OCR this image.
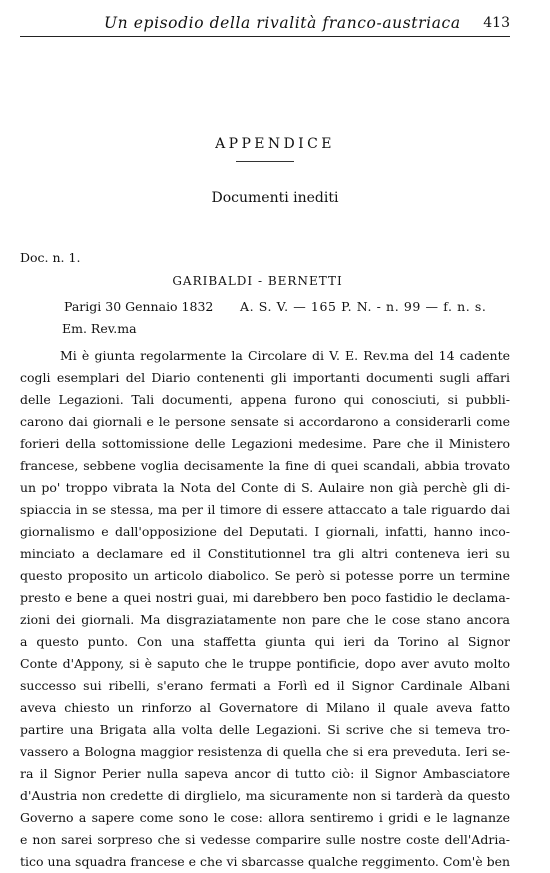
Un episodio della rivalità franco-austriaca 413
APPENDICE
Documenti inediti
Doc. n. 1.
GARIBALDI - BERNETTI
Parigi 30 Gennaio 1832 A. S. V. — 165 P. N. - n. 99 — f. n. s.
Em. Rev.ma
Mi è giunta regolarmente la Circolare di V. E. Rev.ma del 14 cadente
cogli esemplari del Diario contenenti gli importanti documenti sugli affari
delle Legazioni. Tali documenti, appena furono qui conosciuti, si pubbli-
carono dai giornali e le persone sensate si accordarono a considerarli come
forieri della sottomissione delle Legazioni medesime. Pare che il Ministero
francese, sebbene voglia decisamente la fine di quei scandali, abbia trovato
un po' troppo vibrata la Nota del Conte di S. Aulaire non già perchè gli di-
spiaccia in se stessa, ma per il timore di essere attaccato a tale riguardo dai
giornalismo e dall'opposizione del Deputati. I giornali, infatti, hanno inco-
minciato a declamare ed il Constitutionnel tra gli altri conteneva ieri su
questo proposito un articolo diabolico. Se però si potesse porre un termine
presto e bene a quei nostri guai, mi darebbero ben poco fastidio le declama-
zioni dei giornali. Ma disgraziatamente non pare che le cose stano ancora
a questo punto. Con una staffetta giunta qui ieri da Torino al Signor
Conte d'Appony, si è saputo che le truppe pontificie, dopo aver avuto molto
successo sui ribelli, s'erano fermati a Forlì ed il Signor Cardinale Albani
aveva chiesto un rinforzo al Governatore di Milano il quale aveva fatto
partire una Brigata alla volta delle Legazioni. Si scrive che si temeva tro-
vassero a Bologna maggior resistenza di quella che si era preveduta. Ieri se-
ra il Signor Perier nulla sapeva ancor di tutto ciò: il Signor Ambasciatore
d'Austria non credette di dirglielo, ma sicuramente non si tarderà da questo
Governo a sapere come sono le cose: allora sentiremo i gridi e le lagnanze
e non sarei sorpreso che si vedesse comparire sulle nostre coste dell'Adria-
tico una squadra francese e che vi sbarcasse qualche reggimento. Com'è ben
